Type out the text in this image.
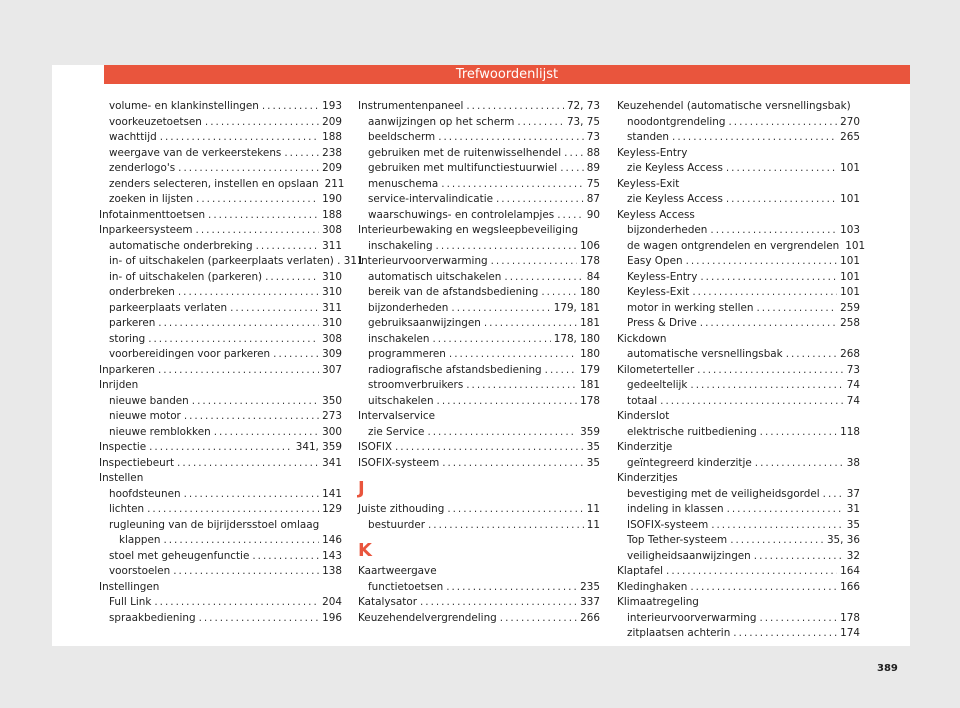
Trefwoordenlijst
volume- en klankinstellingen .....	193
voorkeuzetoetsen .....	209
wachttijd .....	188
weergave van de verkeerstekens .....	238
zenderlogo's .....	209
zenders selecteren, instellen en opslaan 211
zoeken in lijsten .....	190
Infotainmenttoetsen .....	188
Inparkeersysteem .....	308
automatische onderbreking .....	311
in- of uitschakelen (parkeerplaats verlaten) . 311
in- of uitschakelen (parkeren) .....	310
onderbreken .....	310
parkeerplaats verlaten .....	311
parkeren .....	310
storing .....	308
voorbereidingen voor parkeren .....	309
Inparkeren .....	307
Inrijden
nieuwe banden .....	350
nieuwe motor .....	273
nieuwe remblokken .....	300
Inspectie .....	341, 359
Inspectiebeurt .....	341
Instellen
hoofdsteunen .....	141
lichten .....	129
rugleuning van de bijrijdersstoel omlaag
klappen .....	146
stoel met geheugenfunctie .....	143
voorstoelen .....	138
Instellingen
Full Link .....	204
spraakbediening .....	196
Instrumentenpaneel .....	72, 73
aanwijzingen op het scherm .....	73, 75
beeldscherm .....	73
gebruiken met de ruitenwisselhendel ..... 88
gebruiken met multifunctiestuurwiel .....	89
menuschema .....	75
service-intervalindicatie .....	87
waarschuwings- en controlelampjes .....	90
Interieurbewaking en wegsleepbeveiliging
inschakeling .....	106
Interieurvoorverwarming .....	178
automatisch uitschakelen .....	84
bereik van de afstandsbediening .....	180
bijzonderheden .....	179, 181
gebruiksaanwijzingen .....	181
inschakelen .....	178, 180
programmeren .....	180
radiografische afstandsbediening .....	179
stroomverbruikers .....	181
uitschakelen .....	178
Intervalservice
zie Service .....	359
ISOFIX .....	35
ISOFIX-systeem .....	35
J
Juiste zithouding .....	11
bestuurder .....	11
K
Kaartweergave
functietoetsen .....	235
Katalysator .....	337
Keuzehendelvergrendeling .....	266
Keuzehendel (automatische versnellingsbak)
noodontgrendeling .....	270
standen .....	265
Keyless-Entry
zie Keyless Access .....	101
Keyless-Exit
zie Keyless Access .....	101
Keyless Access
bijzonderheden .....	103
de wagen ontgrendelen en vergrendelen 101
Easy Open .....	101
Keyless-Entry .....	101
Keyless-Exit .....	101
motor in werking stellen .....	259
Press & Drive .....	258
Kickdown
automatische versnellingsbak .....	268
Kilometerteller .....	73
gedeeltelijk .....	74
totaal .....	74
Kinderslot
elektrische ruitbediening .....	118
Kinderzitje
geïntegreerd kinderzitje .....	38
Kinderzitjes
bevestiging met de veiligheidsgordel .....	37
indeling in klassen .....	31
ISOFIX-systeem .....	35
Top Tether-systeem .....	35, 36
veiligheidsaanwijzingen .....	32
Klaptafel .....	164
Kledinghaken .....	166
Klimaatregeling
interieurvoorverwarming .....	178
zitplaatsen achterin .....	174
389
